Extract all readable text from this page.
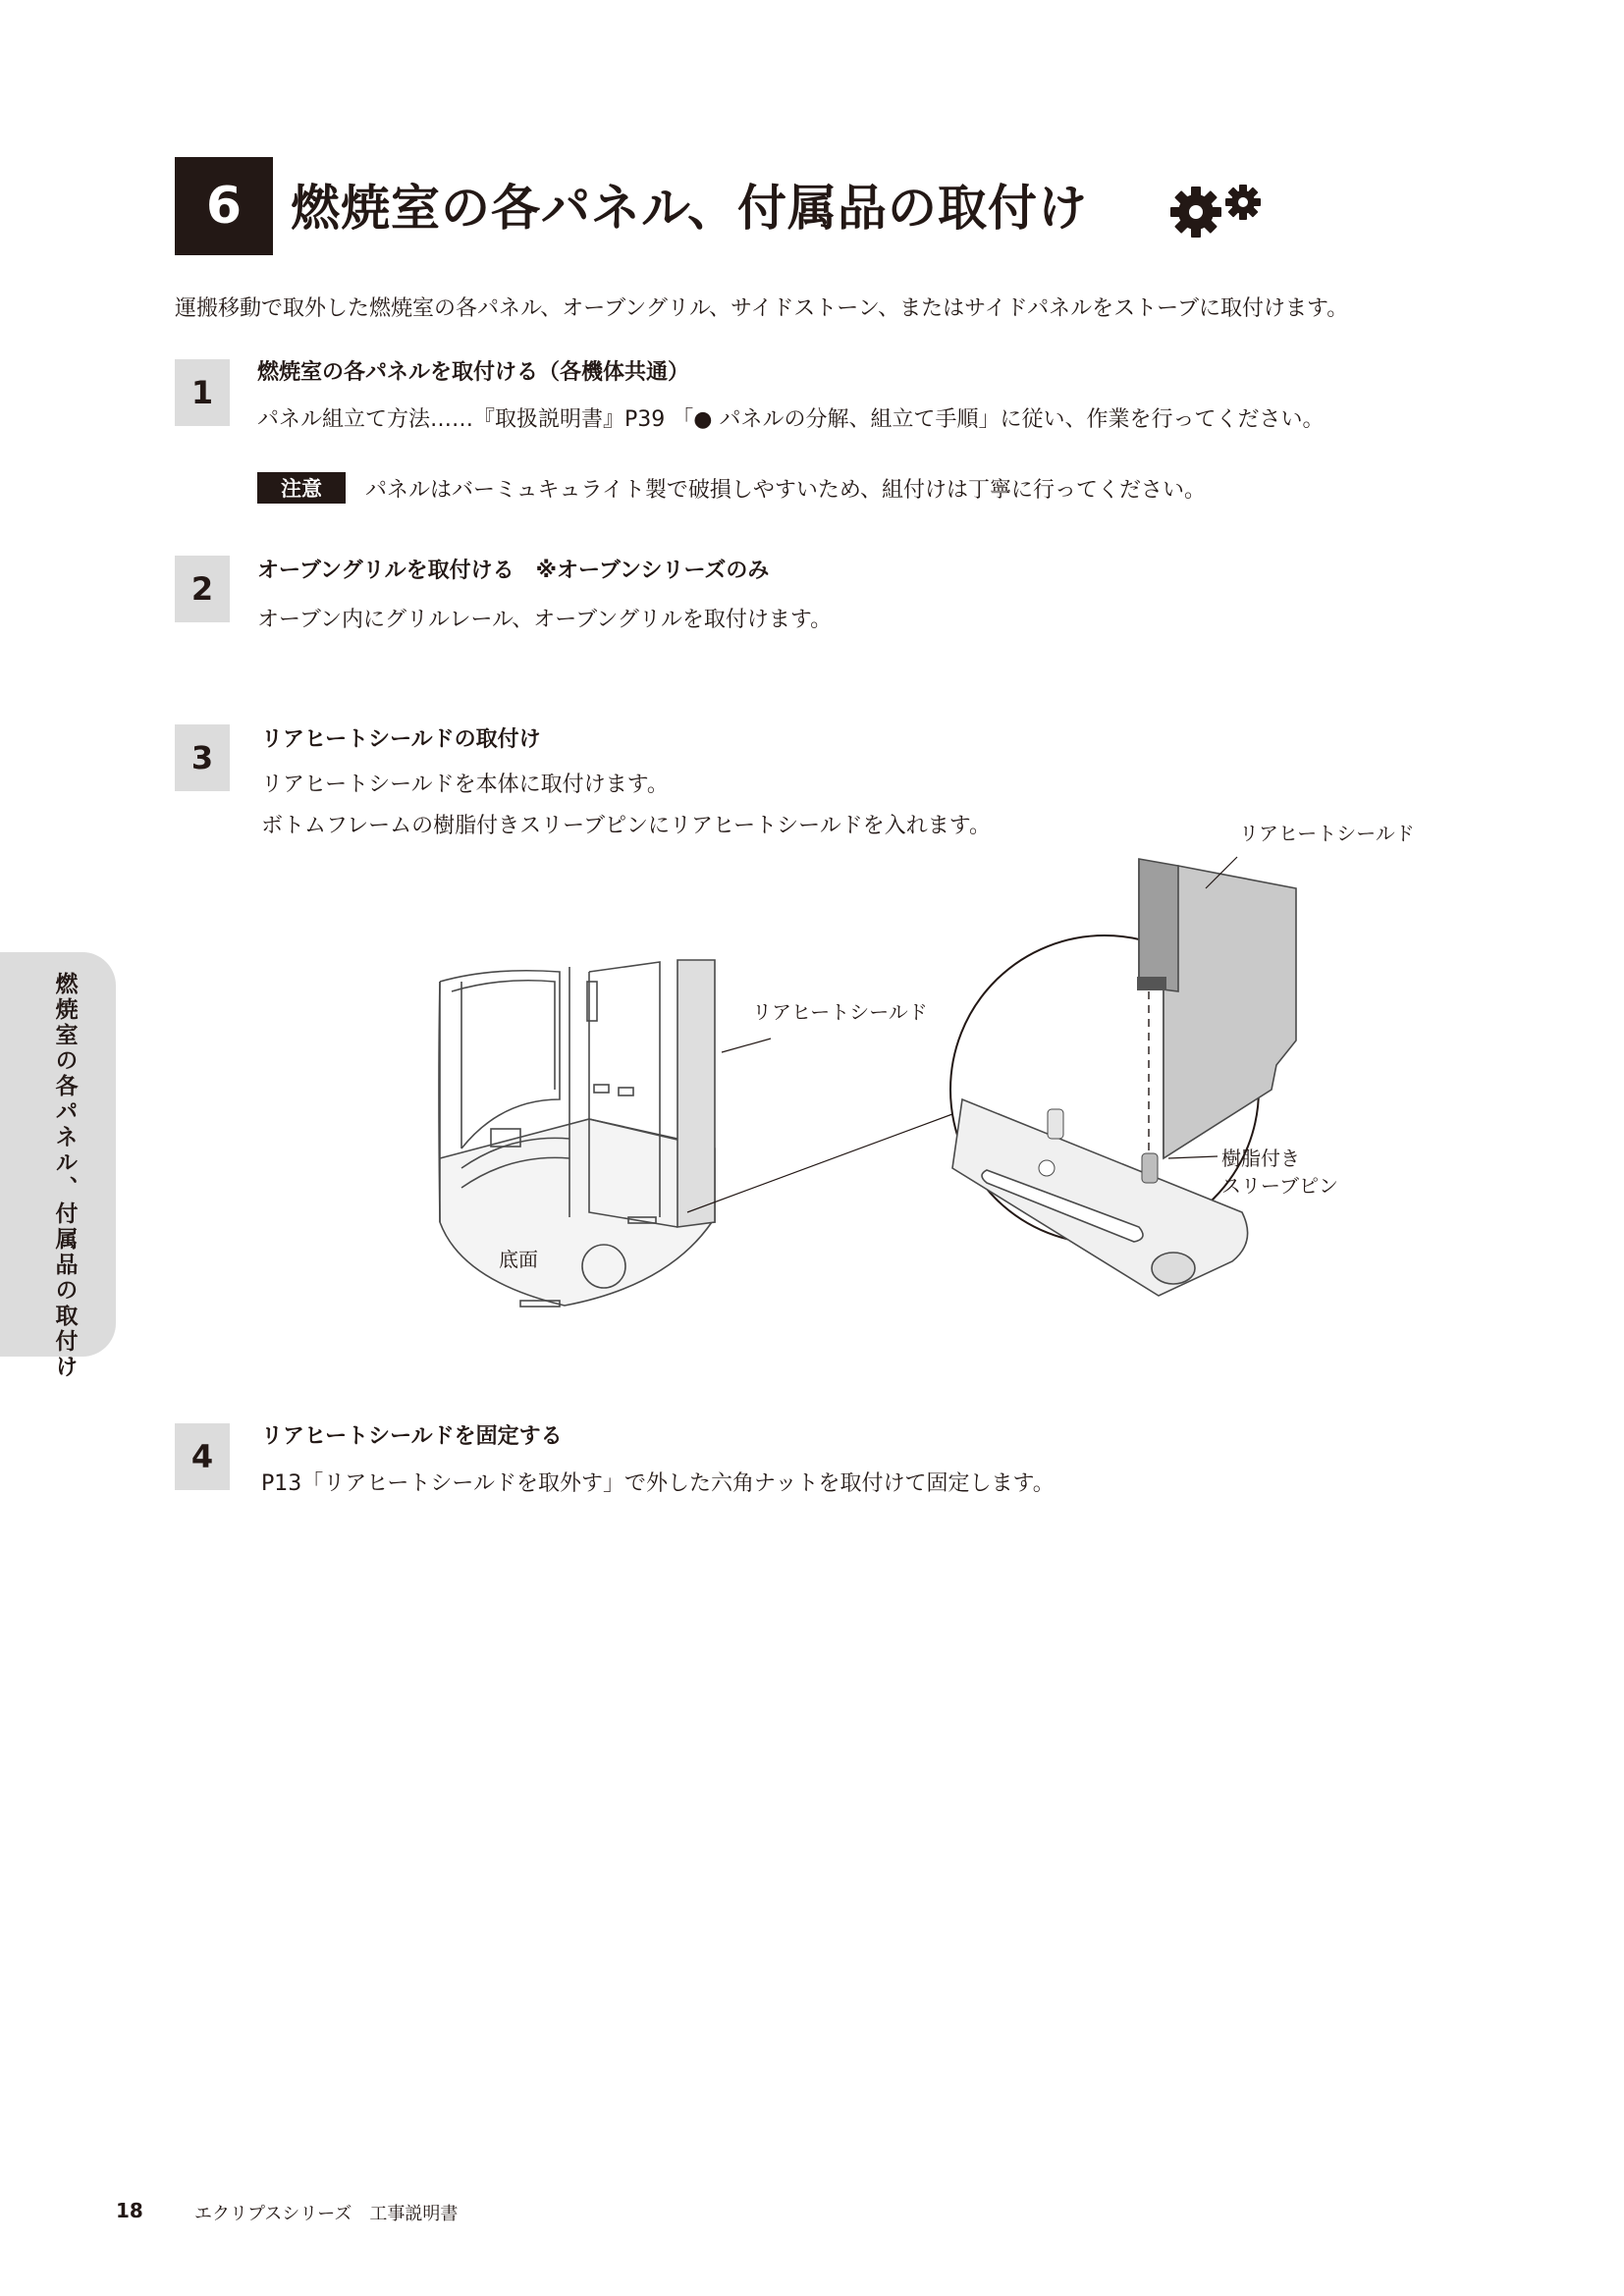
6 燃焼室の各パネル、付属品の取付け
運搬移動で取外した燃焼室の各パネル、オーブングリル、サイドストーン、またはサイドパネルをストーブに取付けます。
1
燃焼室の各パネルを取付ける（各機体共通）
パネル組立て方法……『取扱説明書』P39 「● パネルの分解、組立て手順」に従い、作業を行ってください。
注意	パネルはバーミュキュライト製で破損しやすいため、組付けは丁寧に行ってください。
2	オーブングリルを取付ける　※オーブンシリーズのみ
オーブン内にグリルレール、オーブングリルを取付けます。
3	リアヒートシールドの取付け
リアヒートシールドを本体に取付けます。
ボトムフレームの樹脂付きスリーブピンにリアヒートシールドを入れます。
リアヒートシールド
リアヒートシールド
底面
樹脂付き
スリーブピン
4
リアヒートシールドを固定する
P13「リアヒートシールドを取外す」で外した六角ナットを取付けて固定します。
燃焼室の各パネル、付属品の取付け
18	エクリプスシリーズ　工事説明書
